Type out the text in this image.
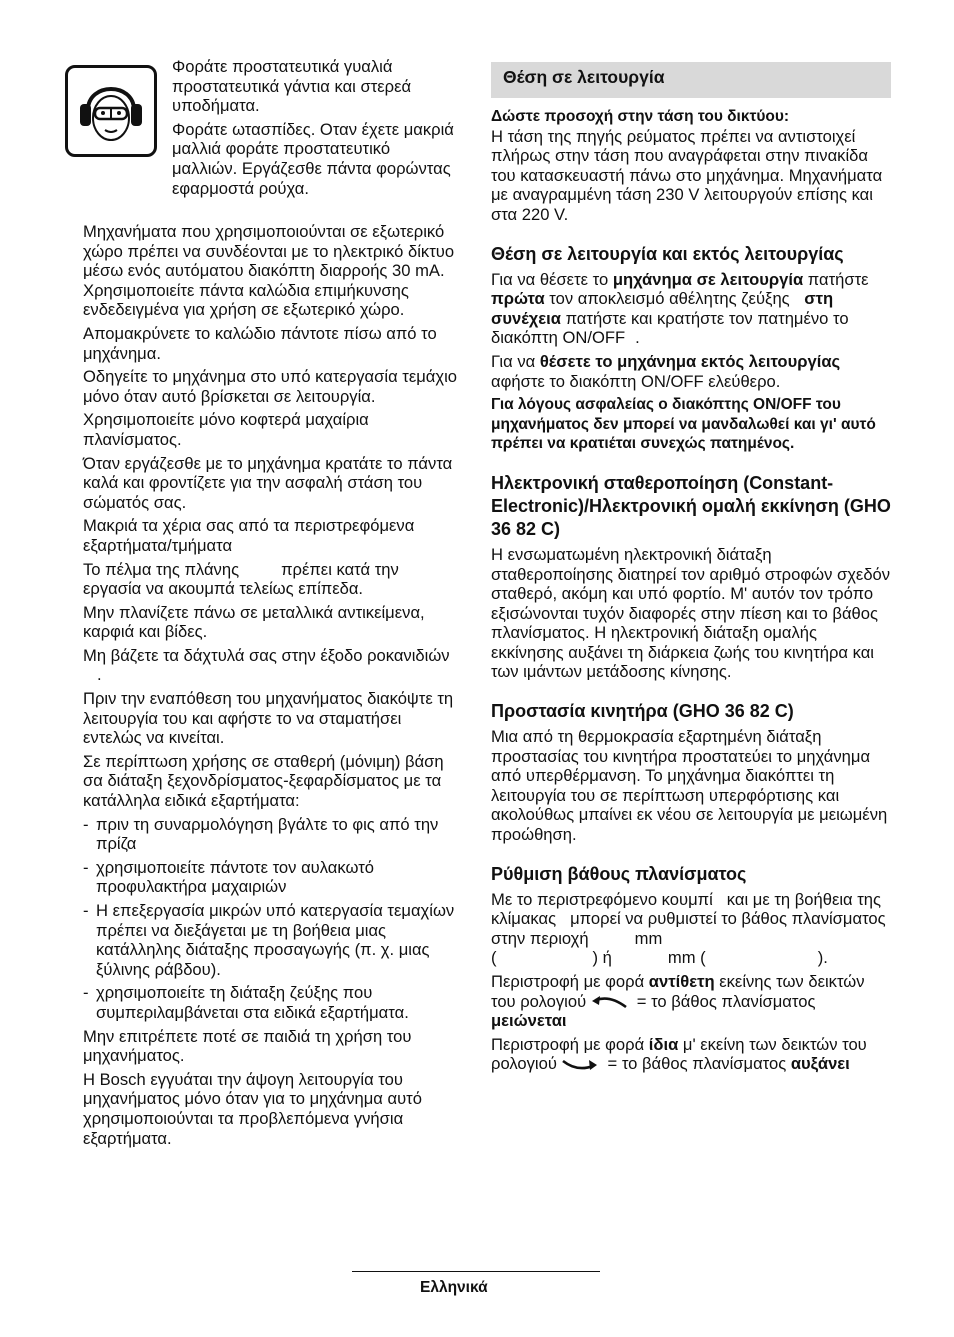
Φοράτε προστατευτικά γυαλιά προστατευτικά γάντια και στερεά υποδήματα.

Φοράτε ωτασπίδες. Οταν έχετε μακριά μαλλιά φοράτε προστατευτικό μαλλιών. Εργάζεσθε πάντα φορώντας εφαρμοστά ρούχα.

Μηχανήματα που χρησιμοποιούνται σε εξωτερικό χώρο πρέπει να συνδέονται με το ηλεκτρικό δίκτυο μέσω ενός αυτόματου διακόπτη διαρροής 30 mA. Χρησιμοποιείτε πάντα καλώδια επιμήκυνσης ενδεδειγμένα για χρήση σε εξωτερικό χώρο.

Απομακρύνετε το καλώδιο πάντοτε πίσω από το μηχάνημα.

Οδηγείτε το μηχάνημα στο υπό κατεργασία τεμάχιο μόνο όταν αυτό βρίσκεται σε λειτουργία.

Χρησιμοποιείτε μόνο κοφτερά μαχαίρια πλανίσματος.

Όταν εργάζεσθε με το μηχάνημα κρατάτε το πάντα καλά και φροντίζετε για την ασφαλή στάση του σώματός σας.

Μακριά τα χέρια σας από τα περιστρεφόμενα εξαρτήματα/τμήματα

Το πέλμα της πλάνης	πρέπει κατά την εργασία να ακουμπά τελείως επίπεδα.

Μην πλανίζετε πάνω σε μεταλλικά αντικείμενα, καρφιά και βίδες.

Μη βάζετε τα δάχτυλά σας στην έξοδο ροκανιδιών.

Πριν την εναπόθεση του μηχανήματος διακόψτε τη λειτουργία του και αφήστε το να σταματήσει εντελώς να κινείται.

Σε περίπτωση χρήσης σε σταθερή (μόνιμη) βάση σα διάταξη ξεχονδρίσματος-ξεφαρδίσματος με τα κατάλληλα ειδικά εξαρτήματα:

- πριν τη συναρμολόγηση βγάλτε το φις από την πρίζα
- χρησιμοποιείτε πάντοτε τον αυλακωτό προφυλακτήρα μαχαιριών
- Η επεξεργασία μικρών υπό κατεργασία τεμαχίων πρέπει να διεξάγεται με τη βοήθεια μιας κατάλληλης διάταξης προσαγωγής (π. χ. μιας ξύλινης ράβδου).
- χρησιμοποιείτε τη διάταξη ζεύξης που συμπεριλαμβάνεται στα ειδικά εξαρτήματα.

Μην επιτρέπετε ποτέ σε παιδιά τη χρήση του μηχανήματος.

Η Bosch εγγυάται την άψογη λειτουργία του μηχανήματος μόνο όταν για το μηχάνημα αυτό χρησιμοποιούνται τα προβλεπόμενα γνήσια εξαρτήματα.

Θέση σε λειτουργία

Δώστε προσοχή στην τάση του δικτύου:
Η τάση της πηγής ρεύματος πρέπει να αντιστοιχεί πλήρως στην τάση που αναγράφεται στην πινακίδα του κατασκευαστή πάνω στο μηχάνημα. Μηχανήματα με αναγραμμένη τάση 230 V λειτουργούν επίσης και στα 220 V.

Θέση σε λειτουργία και εκτός λειτουργίας

Για να θέσετε το μηχάνημα σε λειτουργία πατήστε πρώτα τον αποκλεισμό αθέλητης ζεύξης στη συνέχεια πατήστε και κρατήστε τον πατημένο το διακόπτη ON/OFF .

Για να θέσετε το μηχάνημα εκτός λειτουργίας αφήστε το διακόπτη ON/OFF ελεύθερο.

Για λόγους ασφαλείας ο διακόπτης ON/OFF του μηχανήματος δεν μπορεί να μανδαλωθεί και γι' αυτό πρέπει να κρατιέται συνεχώς πατημένος.

Ηλεκτρονική σταθεροποίηση (Constant-Electronic)/Ηλεκτρονική ομαλή εκκίνηση (GHO 36 82 C)

Η ενσωματωμένη ηλεκτρονική διάταξη σταθεροποίησης διατηρεί τον αριθμό στροφών σχεδόν σταθερό, ακόμη και υπό φορτίο. Μ' αυτόν τον τρόπο εξισώνονται τυχόν διαφορές στην πίεση και το βάθος πλανίσματος. Η ηλεκτρονική διάταξη ομαλής εκκίνησης αυξάνει τη διάρκεια ζωής του κινητήρα και των ιμάντων μετάδοσης κίνησης.

Προστασία κινητήρα (GHO 36 82 C)

Μια από τη θερμοκρασία εξαρτημένη διάταξη προστασίας του κινητήρα προστατεύει το μηχάνημα από υπερθέρμανση. Το μηχάνημα διακόπτει τη λειτουργία του σε περίπτωση υπερφόρτισης και ακολούθως μπαίνει εκ νέου σε λειτουργία με μειωμένη προώθηση.

Ρύθμιση βάθους πλανίσματος

Με το περιστρεφόμενο κουμπί και με τη βοήθεια της κλίμακας μπορεί να ρυθμιστεί το βάθος πλανίσματος στην περιοχή	mm
(	) ή	mm (	).

Περιστροφή με φορά αντίθετη εκείνης των δεικτών του ρολογιού	= το βάθος πλανίσματος μειώνεται

Περιστροφή με φορά ίδια μ' εκείνη των δεικτών του ρολογιού	= το βάθος πλανίσματος αυξάνει

Ελληνικά
